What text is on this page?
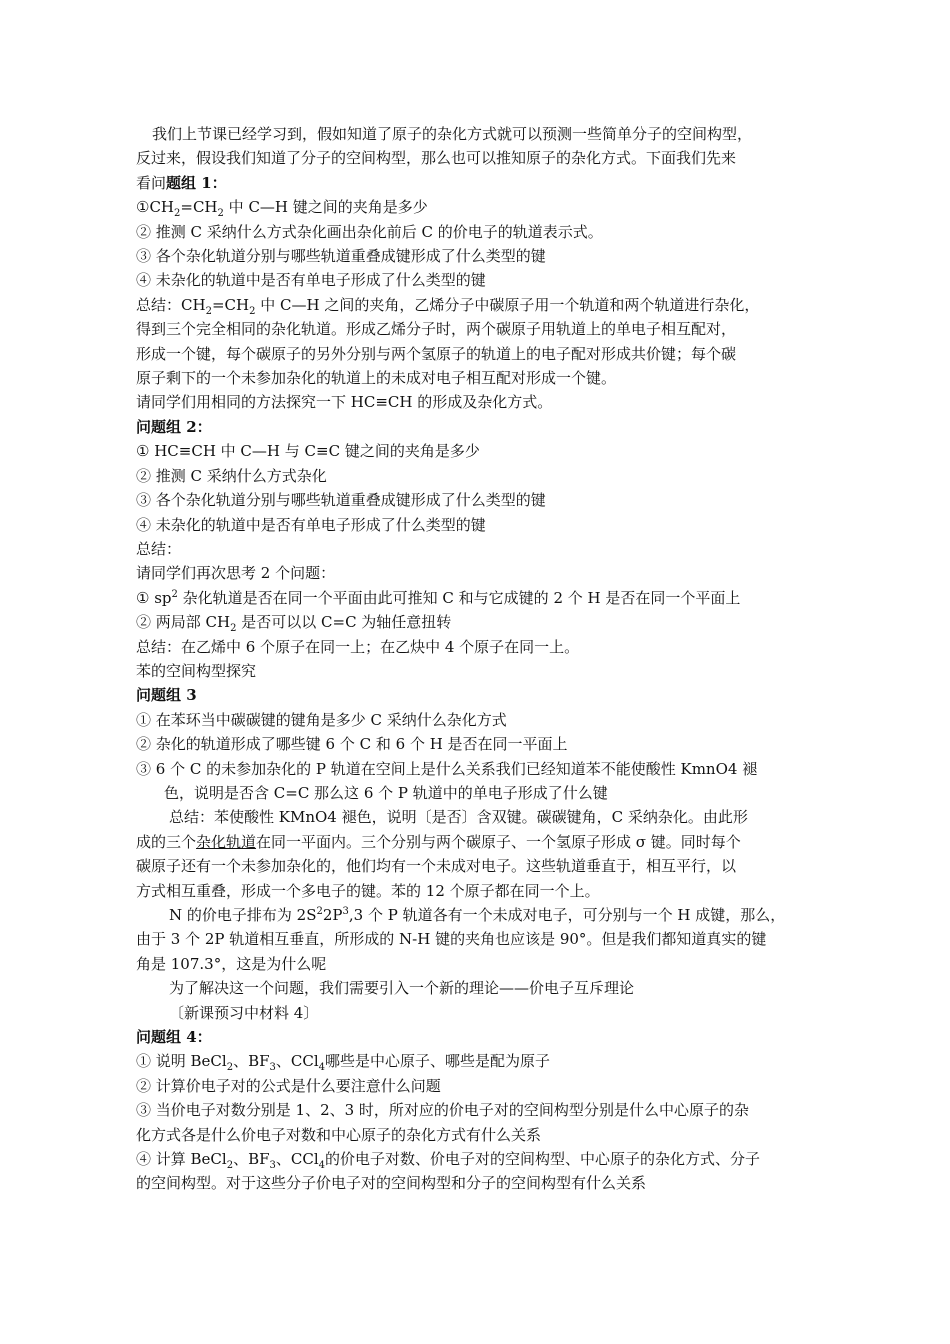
我们上节课已经学习到，假如知道了原子的杂化方式就可以预测一些简单分子的空间构型，
反过来，假设我们知道了分子的空间构型，那么也可以推知原子的杂化方式。下面我们先来
看问题组 1：
$①CH_2=CH_2$ 中 C—H 键之间的夹角是多少
② 推测 C 采纳什么方式杂化画出杂化前后 C 的价电子的轨道表示式。
③ 各个杂化轨道分别与哪些轨道重叠成键形成了什么类型的键
④ 未杂化的轨道中是否有单电子形成了什么类型的键
总结：$CH_2=CH_2$ 中 C—H 之间的夹角，乙烯分子中碳原子用一个轨道和两个轨道进行杂化，
得到三个完全相同的杂化轨道。形成乙烯分子时，两个碳原子用轨道上的单电子相互配对，
形成一个键，每个碳原子的另外分别与两个氢原子的轨道上的电子配对形成共价键；每个碳
原子剩下的一个未参加杂化的轨道上的未成对电子相互配对形成一个键。
请同学们用相同的方法探究一下 HC≡CH 的形成及杂化方式。
问题组 2：
① HC≡CH 中 C—H 与 C≡C 键之间的夹角是多少
② 推测 C 采纳什么方式杂化
③ 各个杂化轨道分别与哪些轨道重叠成键形成了什么类型的键
④ 未杂化的轨道中是否有单电子形成了什么类型的键
总结：
请同学们再次思考 2 个问题：
① $sp^2$ 杂化轨道是否在同一个平面由此可推知 C 和与它成键的 2 个 H 是否在同一个平面上
② 两局部 $CH_2$ 是否可以以 C=C 为轴任意扭转
总结：在乙烯中 6 个原子在同一上；在乙炔中 4 个原子在同一上。
苯的空间构型探究
问题组 3
① 在苯环当中碳碳键的键角是多少 C 采纳什么杂化方式
② 杂化的轨道形成了哪些键 6 个 C 和 6 个 H 是否在同一平面上
③ 6 个 C 的未参加杂化的 P 轨道在空间上是什么关系我们已经知道苯不能使酸性 KmnO4 褪
色，说明是否含 C=C 那么这 6 个 P 轨道中的单电子形成了什么键
总结：苯使酸性 KMnO4 褪色，说明〔是否〕含双键。碳碳键角，C 采纳杂化。由此形
成的三个杂化轨道在同一平面内。三个分别与两个碳原子、一个氢原子形成 σ 键。同时每个
碳原子还有一个未参加杂化的，他们均有一个未成对电子。这些轨道垂直于，相互平行，以
方式相互重叠，形成一个多电子的键。苯的 12 个原子都在同一个上。
N 的价电子排布为 $2S^22P^3,3$ 个 P 轨道各有一个未成对电子，可分别与一个 H 成键，那么，
由于 3 个 2P 轨道相互垂直，所形成的 N-H 键的夹角也应该是 90°。但是我们都知道真实的键
角是 107.3°，这是为什么呢
为了解决这一个问题，我们需要引入一个新的理论——价电子互斥理论
〔新课预习中材料 4〕
问题组 4：
① 说明 BeCl$_2$、$BF_3$、CCl$_4$哪些是中心原子、哪些是配为原子
② 计算价电子对的公式是什么要注意什么问题
③ 当价电子对数分别是 1、2、3 时，所对应的价电子对的空间构型分别是什么中心原子的杂
化方式各是什么价电子对数和中心原子的杂化方式有什么关系
④ 计算 BeCl$_2$、$BF_3$、CCl$_4$的价电子对数、价电子对的空间构型、中心原子的杂化方式、分子
的空间构型。对于这些分子价电子对的空间构型和分子的空间构型有什么关系
